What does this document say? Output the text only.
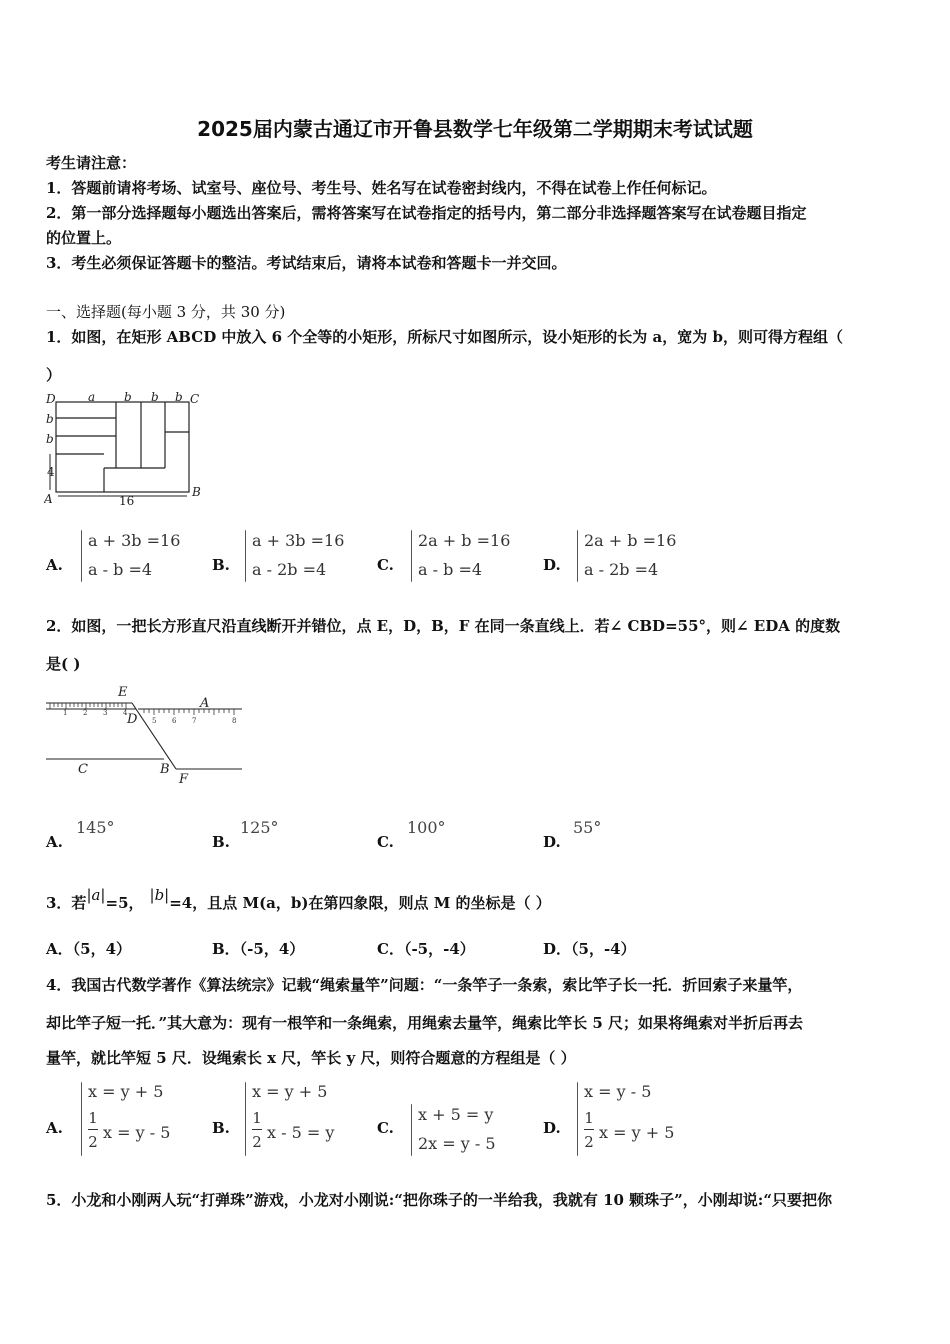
2025届内蒙古通辽市开鲁县数学七年级第二学期期末考试试题
考生请注意：
1．答题前请将考场、试室号、座位号、考生号、姓名写在试卷密封线内，不得在试卷上作任何标记。
2．第一部分选择题每小题选出答案后，需将答案写在试卷指定的括号内，第二部分非选择题答案写在试卷题目指定
的位置上。
3．考生必须保证答题卡的整洁。考试结束后，请将本试卷和答题卡一并交回。
一、选择题(每小题 3 分，共 30 分)
1．如图，在矩形 ABCD 中放入 6 个全等的小矩形，所标尺寸如图所示，设小矩形的长为 a，宽为 b，则可得方程组（
）
D	a b b b C
b
b
4
A	16
B
A.
a + 3b =16
a - b =4	B.
a + 3b =16
a - 2b =4	C.
2a + b =16
a - b =4	D.
2a + b =16
a - 2b =4
2．如图，一把长方形直尺沿直线断开并错位，点 E，D，B，F 在同一条直线上．若∠ CBD=55°，则∠ EDA 的度数
是( )
1 2 3 4
5 6 7	8
E
A
D
C	B
F
A.
145°
B.
125°
C.
100°
D.
55°
3．若|a|=5， |b|=4，且点 M(a，b)在第四象限，则点 M 的坐标是（ ）
A．（5，4）	B．（-5，4）	C．（-5，-4）	D．（5，-4）
4．我国古代数学著作《算法统宗》记载“绳索量竿”问题：“一条竿子一条索，索比竿子长一托．折回索子来量竿，
却比竿子短一托．”其大意为：现有一根竿和一条绳索，用绳索去量竿，绳索比竿长 5 尺；如果将绳索对半折后再去
量竿，就比竿短 5 尺．设绳索长 x 尺，竿长 y 尺，则符合题意的方程组是（ ）
A.
x = y + 5
1
2 x = y - 5	B.
x = y + 5
1
2 x - 5 = y	C.
x + 5 = y
2x = y - 5
D.
x = y - 5
1
2 x = y + 5
5．小龙和小刚两人玩“打弹珠”游戏，小龙对小刚说:“把你珠子的一半给我，我就有 10 颗珠子”，小刚却说:“只要把你
